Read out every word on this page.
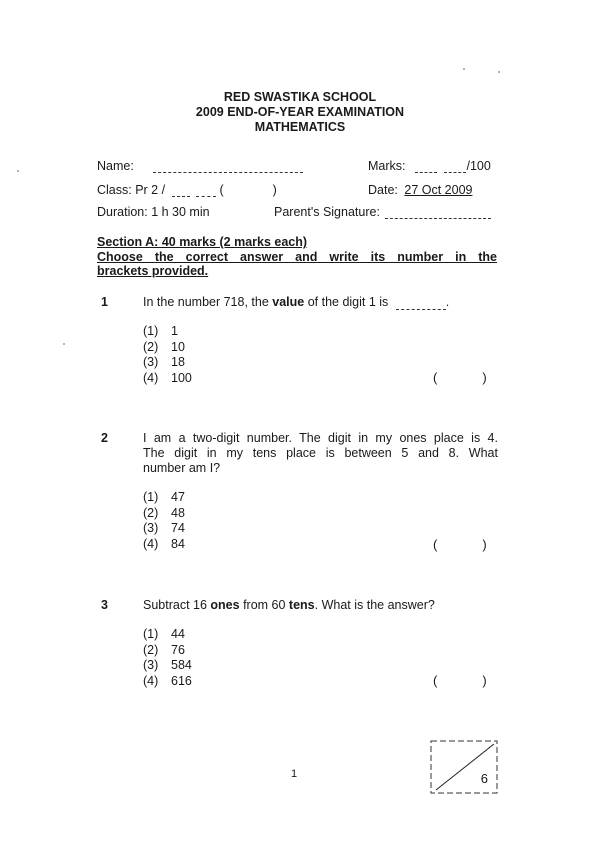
RED SWASTIKA SCHOOL
2009 END-OF-YEAR EXAMINATION
MATHEMATICS
Name:	Marks:	/100
Class: Pr 2 /	(	)	Date: 27 Oct 2009
Duration: 1 h 30 min	Parent's Signature:
Section A: 40 marks (2 marks each)
Choose the correct answer and write its number in the
brackets provided.
1	In the number 718, the value of the digit 1 is	.
(1) 1
(2) 10
(3) 18
(4) 100	(	)
2	I am a two-digit number. The digit in my ones place is 4.
The digit in my tens place is between 5 and 8. What
number am I?
(1) 47
(2) 48
(3) 74
(4) 84	(	)
3	Subtract 16 ones from 60 tens. What is the answer?
(1) 44
(2) 76
(3) 584
(4) 616	(	)
1	6
